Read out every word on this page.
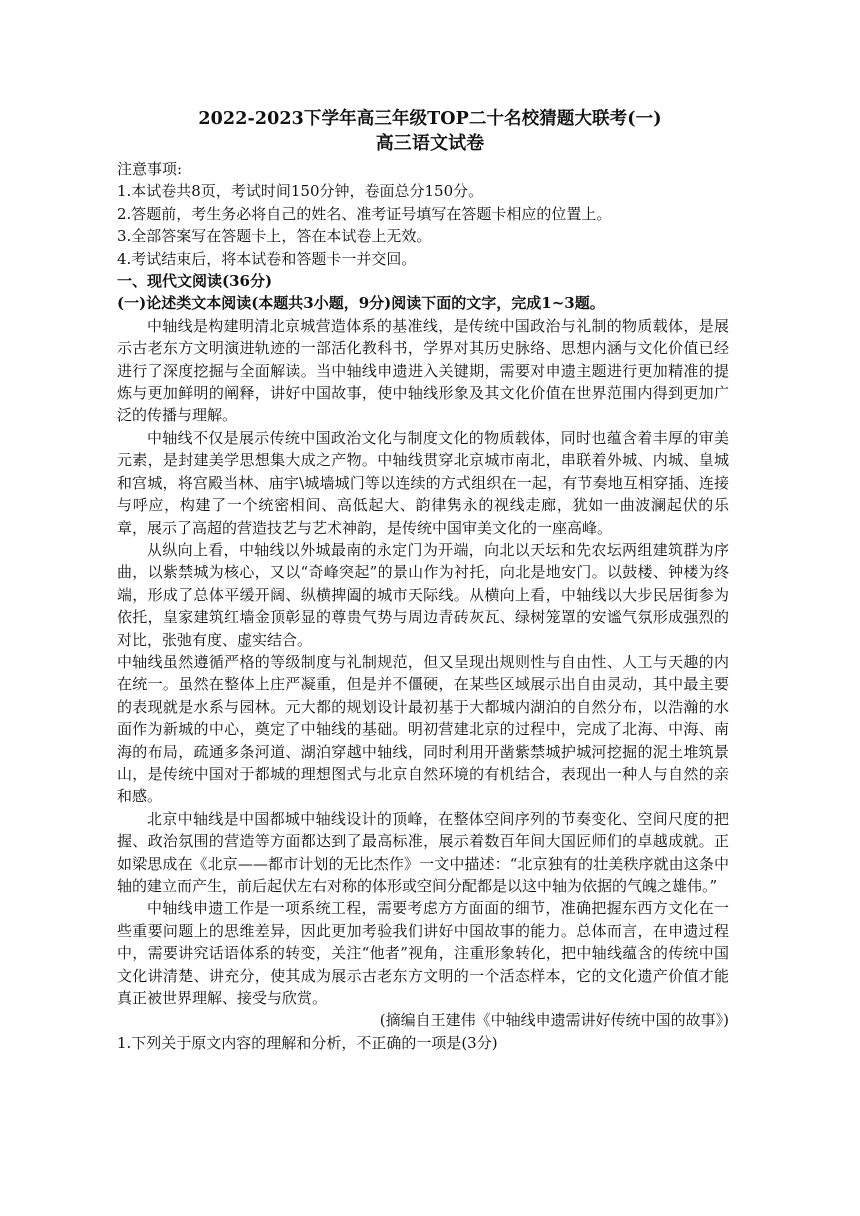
2022-2023下学年高三年级TOP二十名校猜题大联考(一)
高三语文试卷
注意事项:
1.本试卷共8页，考试时间150分钟，卷面总分150分。
2.答题前，考生务必将自己的姓名、准考证号填写在答题卡相应的位置上。
3.全部答案写在答题卡上，答在本试卷上无效。
4.考试结束后，将本试卷和答题卡一并交回。
一、现代文阅读(36分)
(一)论述类文本阅读(本题共3小题，9分)阅读下面的文字，完成1~3题。

中轴线是构建明清北京城营造体系的基准线，是传统中国政治与礼制的物质载体，是展示古老东方文明演进轨迹的一部活化教科书，学界对其历史脉络、思想内涵与文化价值已经进行了深度挖掘与全面解读。当中轴线申遗进入关键期，需要对申遗主题进行更加精准的提炼与更加鲜明的阐释，讲好中国故事，使中轴线形象及其文化价值在世界范围内得到更加广泛的传播与理解。

中轴线不仅是展示传统中国政治文化与制度文化的物质载体，同时也蕴含着丰厚的审美元素，是封建美学思想集大成之产物。中轴线贯穿北京城市南北，串联着外城、内城、皇城和宫城，将宫殿当林、庙宇\城墙城门等以连续的方式组织在一起，有节奏地互相穿插、连接与呼应，构建了一个统密相间、高低起大、韵律隽永的视线走廊，犹如一曲波澜起伏的乐章，展示了高超的营造技艺与艺术神韵，是传统中国审美文化的一座高峰。

从纵向上看，中轴线以外城最南的永定门为开端，向北以天坛和先农坛两组建筑群为序曲，以紫禁城为核心，又以“奇峰突起”的景山作为衬托，向北是地安门。以鼓楼、钟楼为终端，形成了总体平缓开阔、纵横捭阖的城市天际线。从横向上看，中轴线以大步民居街参为依托，皇家建筑红墙金顶彰显的尊贵气势与周边青砖灰瓦、绿树笼罩的安谧气氛形成强烈的对比，张弛有度、虚实结合。

中轴线虽然遵循严格的等级制度与礼制规范，但又呈现出规则性与自由性、人工与天趣的内在统一。虽然在整体上庄严凝重，但是并不僵硬，在某些区域展示出自由灵动，其中最主要的表现就是水系与园林。元大都的规划设计最初基于大都城内湖泊的自然分布，以浩瀚的水面作为新城的中心，奠定了中轴线的基础。明初营建北京的过程中，完成了北海、中海、南海的布局，疏通多条河道、湖泊穿越中轴线，同时利用开凿紫禁城护城河挖掘的泥土堆筑景山，是传统中国对于都城的理想图式与北京自然环境的有机结合，表现出一种人与自然的亲和感。

北京中轴线是中国都城中轴线设计的顶峰，在整体空间序列的节奏变化、空间尺度的把握、政治氛围的营造等方面都达到了最高标准，展示着数百年间大国匠师们的卓越成就。正如梁思成在《北京——都市计划的无比杰作》一文中描述：“北京独有的壮美秩序就由这条中轴的建立而产生，前后起伏左右对称的体形或空间分配都是以这中轴为依据的气魄之雄伟。”

中轴线申遗工作是一项系统工程，需要考虑方方面面的细节，准确把握东西方文化在一些重要问题上的思维差异，因此更加考验我们讲好中国故事的能力。总体而言，在申遗过程中，需要讲究话语体系的转变，关注“他者”视角，注重形象转化，把中轴线蕴含的传统中国文化讲清楚、讲充分，使其成为展示古老东方文明的一个活态样本，它的文化遗产价值才能真正被世界理解、接受与欣赏。

(摘编自王建伟《中轴线申遗需讲好传统中国的故事》)
1.下列关于原文内容的理解和分析，不正确的一项是(3分)
